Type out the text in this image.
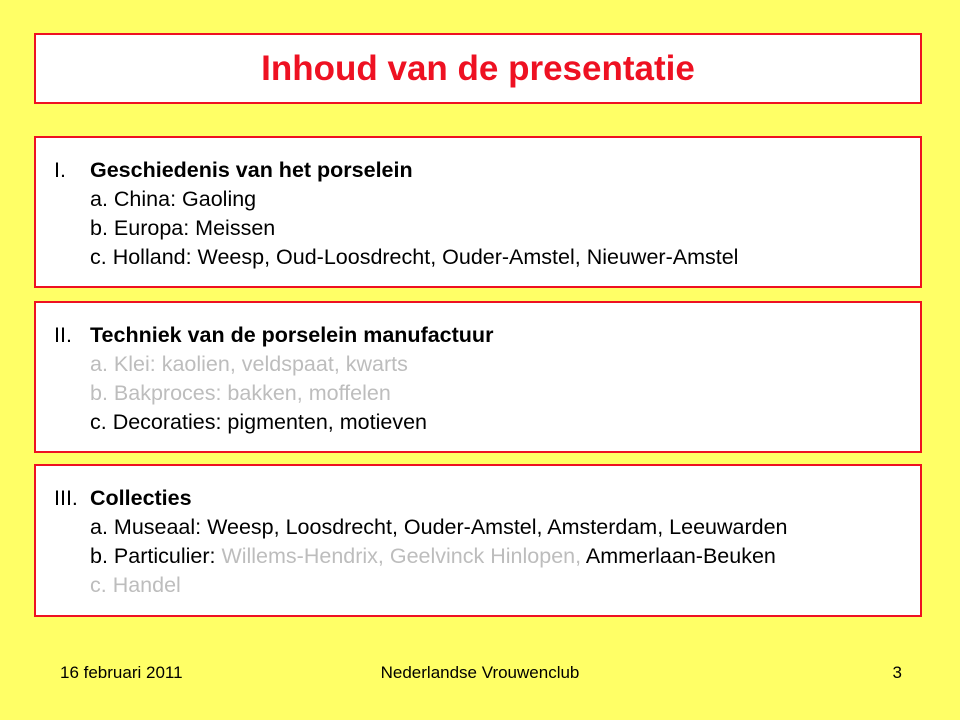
Inhoud van de presentatie
I. Geschiedenis van het porselein
a. China: Gaoling
b. Europa: Meissen
c. Holland: Weesp, Oud-Loosdrecht, Ouder-Amstel, Nieuwer-Amstel
II. Techniek van de porselein manufactuur
a. Klei: kaolien, veldspaat, kwarts
b. Bakproces: bakken, moffelen
c. Decoraties: pigmenten, motieven
III. Collecties
a. Museaal: Weesp, Loosdrecht, Ouder-Amstel, Amsterdam, Leeuwarden
b. Particulier: Willems-Hendrix, Geelvinck Hinlopen, Ammerlaan-Beuken
c. Handel
16 februari 2011	Nederlandse Vrouwenclub	3
